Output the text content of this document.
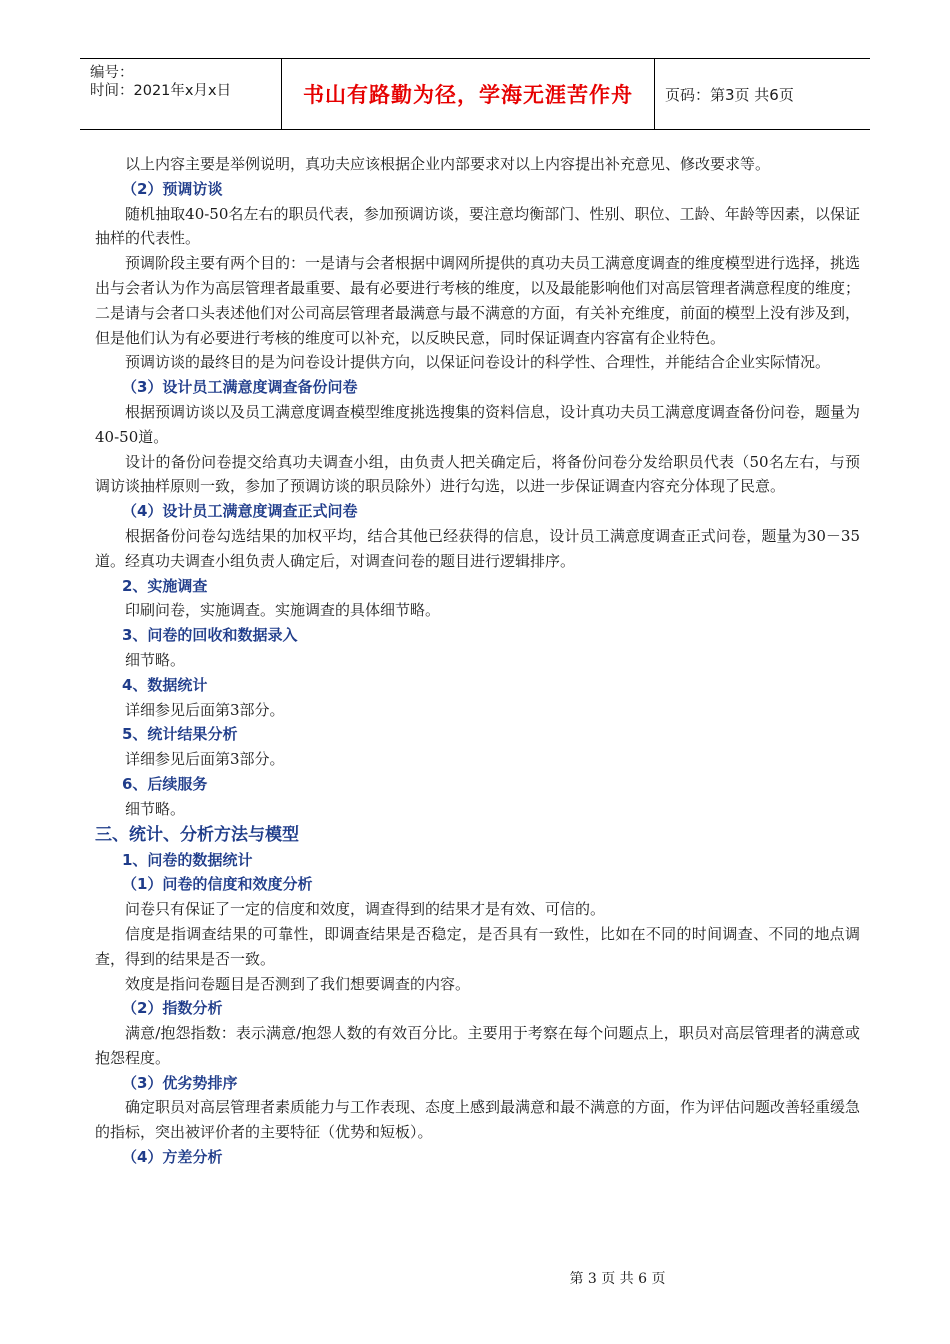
编号：
时间：2021年x月x日	书山有路勤为径，学海无涯苦作舟	页码：第3页 共6页

以上内容主要是举例说明，真功夫应该根据企业内部要求对以上内容提出补充意见、修改要求等。

（2）预调访谈

随机抽取40-50名左右的职员代表，参加预调访谈，要注意均衡部门、性别、职位、工龄、年龄等因素，以保证抽样的代表性。

预调阶段主要有两个目的：一是请与会者根据中调网所提供的真功夫员工满意度调查的维度模型进行选择，挑选出与会者认为作为高层管理者最重要、最有必要进行考核的维度，以及最能影响他们对高层管理者满意程度的维度；二是请与会者口头表述他们对公司高层管理者最满意与最不满意的方面，有关补充维度，前面的模型上没有涉及到，但是他们认为有必要进行考核的维度可以补充，以反映民意，同时保证调查内容富有企业特色。

预调访谈的最终目的是为问卷设计提供方向，以保证问卷设计的科学性、合理性，并能结合企业实际情况。

（3）设计员工满意度调查备份问卷

根据预调访谈以及员工满意度调查模型维度挑选搜集的资料信息，设计真功夫员工满意度调查备份问卷，题量为40-50道。

设计的备份问卷提交给真功夫调查小组，由负责人把关确定后，将备份问卷分发给职员代表（50名左右，与预调访谈抽样原则一致，参加了预调访谈的职员除外）进行勾选，以进一步保证调查内容充分体现了民意。

（4）设计员工满意度调查正式问卷

根据备份问卷勾选结果的加权平均，结合其他已经获得的信息，设计员工满意度调查正式问卷，题量为30－35道。经真功夫调查小组负责人确定后，对调查问卷的题目进行逻辑排序。

2、实施调查

印刷问卷，实施调查。实施调查的具体细节略。

3、问卷的回收和数据录入

细节略。

4、数据统计

详细参见后面第3部分。

5、统计结果分析

详细参见后面第3部分。

6、后续服务

细节略。

三、统计、分析方法与模型

1、问卷的数据统计

（1）问卷的信度和效度分析

问卷只有保证了一定的信度和效度，调查得到的结果才是有效、可信的。

信度是指调查结果的可靠性，即调查结果是否稳定，是否具有一致性，比如在不同的时间调查、不同的地点调查，得到的结果是否一致。

效度是指问卷题目是否测到了我们想要调查的内容。

（2）指数分析

满意/抱怨指数：表示满意/抱怨人数的有效百分比。主要用于考察在每个问题点上，职员对高层管理者的满意或抱怨程度。

（3）优劣势排序

确定职员对高层管理者素质能力与工作表现、态度上感到最满意和最不满意的方面，作为评估问题改善轻重缓急的指标，突出被评价者的主要特征（优势和短板）。

（4）方差分析

第 3 页 共 6 页
